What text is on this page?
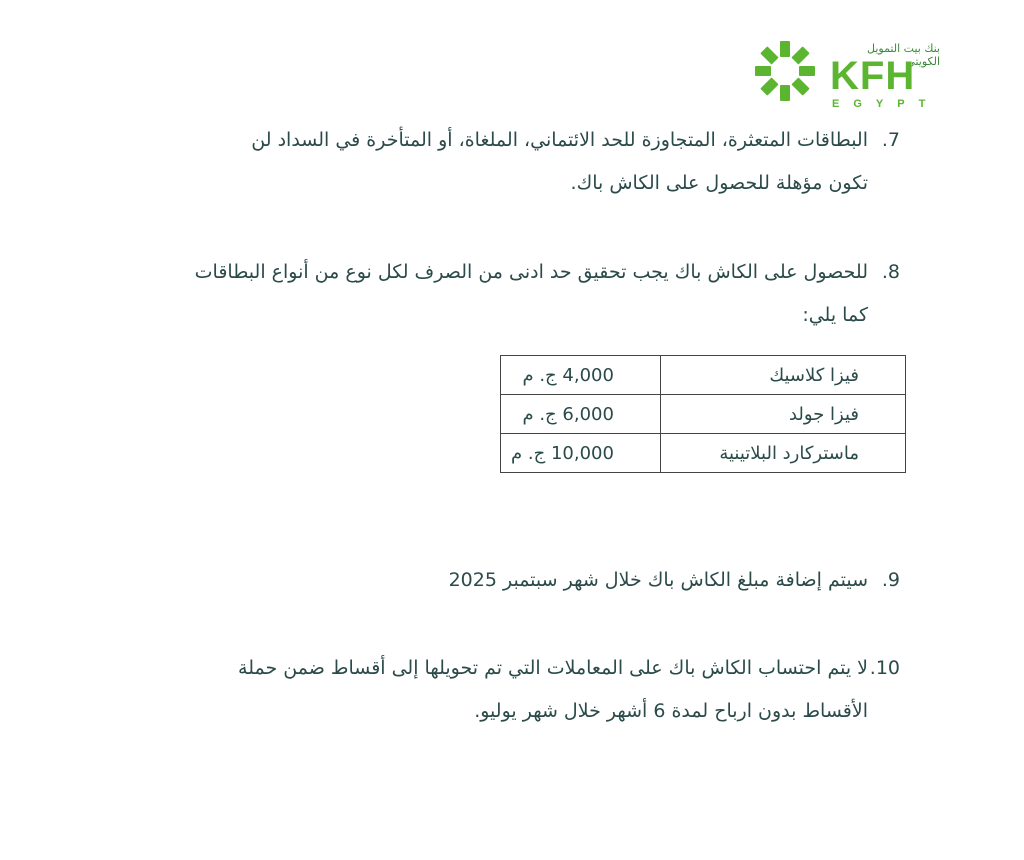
بنك بيت التمويل الكويتي
KFH
EGYPT
7.البطاقات المتعثرة، المتجاوزة للحد الائتماني، الملغاة، أو المتأخرة في السداد لن
تكون مؤهلة للحصول على الكاش باك.
8.للحصول على الكاش باك يجب تحقيق حد ادنى من الصرف لكل نوع من أنواع البطاقات
كما يلي:
فيزا كلاسيك	4,000 ج. م
فيزا جولد	6,000 ج. م
ماستركارد البلاتينية	10,000 ج. م
9.سيتم إضافة مبلغ الكاش باك خلال شهر سبتمبر 2025
10.لا يتم احتساب الكاش باك على المعاملات التي تم تحويلها إلى أقساط ضمن حملة
الأقساط بدون ارباح لمدة 6 أشهر خلال شهر يوليو.
